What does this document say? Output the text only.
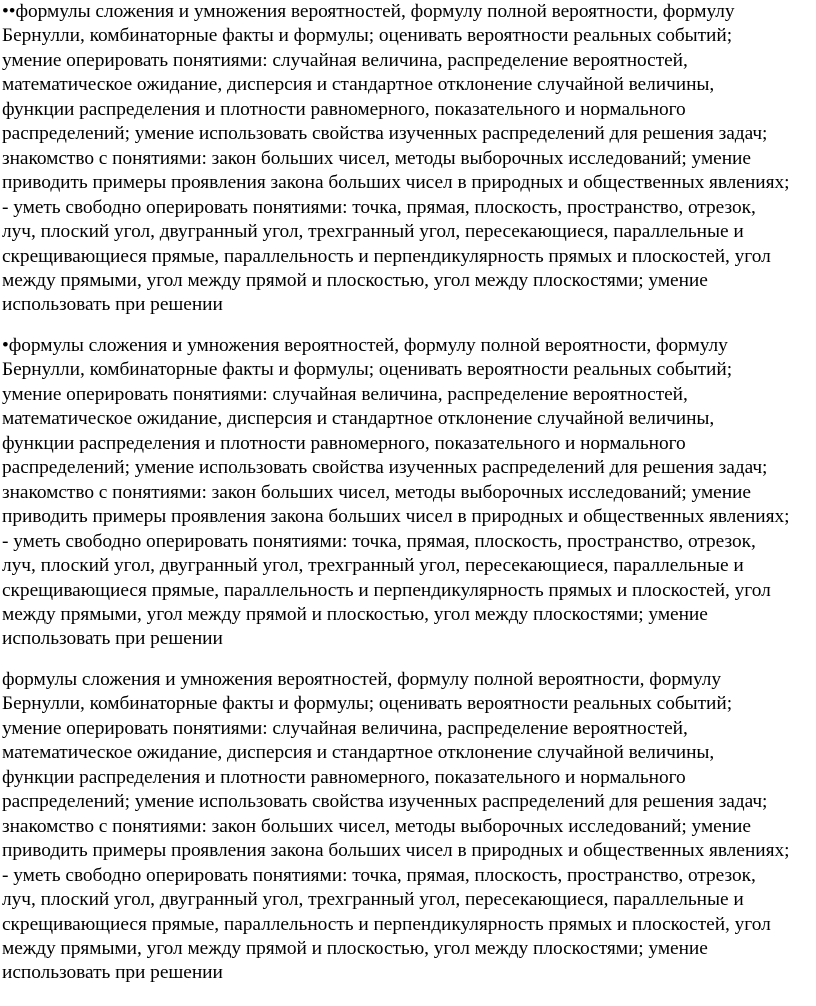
••формулы сложения и умножения вероятностей, формулу полной вероятности, формулу
Бернулли, комбинаторные факты и формулы; оценивать вероятности реальных событий;
умение оперировать понятиями: случайная величина, распределение вероятностей,
математическое ожидание, дисперсия и стандартное отклонение случайной величины,
функции распределения и плотности равномерного, показательного и нормального
распределений; умение использовать свойства изученных распределений для решения задач;
знакомство с понятиями: закон больших чисел, методы выборочных исследований; умение
приводить примеры проявления закона больших чисел в природных и общественных явлениях;
- уметь свободно оперировать понятиями: точка, прямая, плоскость, пространство, отрезок,
луч, плоский угол, двугранный угол, трехгранный угол, пересекающиеся, параллельные и
скрещивающиеся прямые, параллельность и перпендикулярность прямых и плоскостей, угол
между прямыми, угол между прямой и плоскостью, угол между плоскостями; умение
использовать при решении

•формулы сложения и умножения вероятностей, формулу полной вероятности, формулу
Бернулли, комбинаторные факты и формулы; оценивать вероятности реальных событий;
умение оперировать понятиями: случайная величина, распределение вероятностей,
математическое ожидание, дисперсия и стандартное отклонение случайной величины,
функции распределения и плотности равномерного, показательного и нормального
распределений; умение использовать свойства изученных распределений для решения задач;
знакомство с понятиями: закон больших чисел, методы выборочных исследований; умение
приводить примеры проявления закона больших чисел в природных и общественных явлениях;
- уметь свободно оперировать понятиями: точка, прямая, плоскость, пространство, отрезок,
луч, плоский угол, двугранный угол, трехгранный угол, пересекающиеся, параллельные и
скрещивающиеся прямые, параллельность и перпендикулярность прямых и плоскостей, угол
между прямыми, угол между прямой и плоскостью, угол между плоскостями; умение
использовать при решении

формулы сложения и умножения вероятностей, формулу полной вероятности, формулу
Бернулли, комбинаторные факты и формулы; оценивать вероятности реальных событий;
умение оперировать понятиями: случайная величина, распределение вероятностей,
математическое ожидание, дисперсия и стандартное отклонение случайной величины,
функции распределения и плотности равномерного, показательного и нормального
распределений; умение использовать свойства изученных распределений для решения задач;
знакомство с понятиями: закон больших чисел, методы выборочных исследований; умение
приводить примеры проявления закона больших чисел в природных и общественных явлениях;
- уметь свободно оперировать понятиями: точка, прямая, плоскость, пространство, отрезок,
луч, плоский угол, двугранный угол, трехгранный угол, пересекающиеся, параллельные и
скрещивающиеся прямые, параллельность и перпендикулярность прямых и плоскостей, угол
между прямыми, угол между прямой и плоскостью, угол между плоскостями; умение
использовать при решении
